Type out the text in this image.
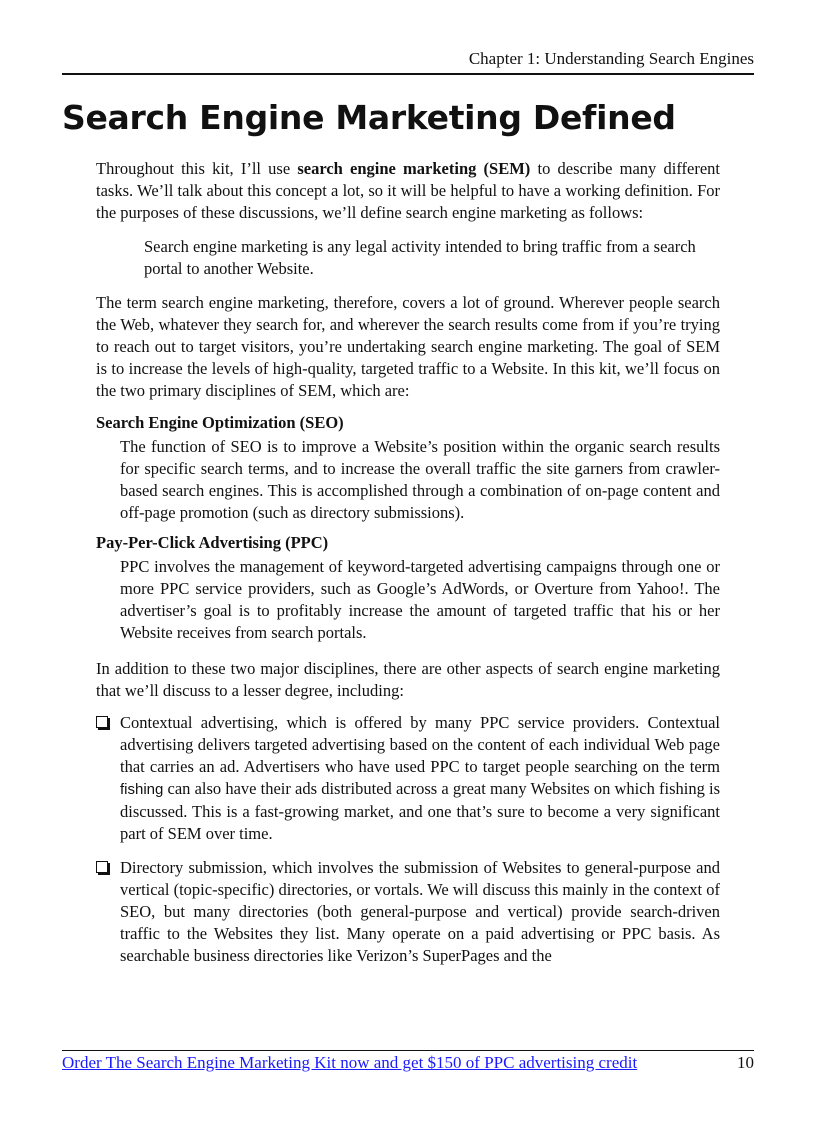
Chapter 1: Understanding Search Engines
Search Engine Marketing Defined

Throughout this kit, I’ll use search engine marketing (SEM) to describe many different tasks. We’ll talk about this concept a lot, so it will be helpful to have a working definition. For the purposes of these discussions, we’ll define search engine marketing as follows:

Search engine marketing is any legal activity intended to bring traffic from a search portal to another Website.

The term search engine marketing, therefore, covers a lot of ground. Wherever people search the Web, whatever they search for, and wherever the search results come from if you’re trying to reach out to target visitors, you’re undertaking search engine marketing. The goal of SEM is to increase the levels of high-quality, targeted traffic to a Website. In this kit, we’ll focus on the two primary disciplines of SEM, which are:

Search Engine Optimization (SEO)

The function of SEO is to improve a Website’s position within the organic search results for specific search terms, and to increase the overall traffic the site garners from crawler-based search engines. This is accomplished through a combination of on-page content and off-page promotion (such as directory submissions).

Pay-Per-Click Advertising (PPC)

PPC involves the management of keyword-targeted advertising campaigns through one or more PPC service providers, such as Google’s AdWords, or Overture from Yahoo!. The advertiser’s goal is to profitably increase the amount of targeted traffic that his or her Website receives from search portals.

In addition to these two major disciplines, there are other aspects of search engine marketing that we’ll discuss to a lesser degree, including:

Contextual advertising, which is offered by many PPC service providers. Contextual advertising delivers targeted advertising based on the content of each individual Web page that carries an ad. Advertisers who have used PPC to target people searching on the term fishing can also have their ads distributed across a great many Websites on which fishing is discussed. This is a fast-growing market, and one that’s sure to become a very significant part of SEM over time.
Directory submission, which involves the submission of Websites to general-purpose and vertical (topic-specific) directories, or vortals. We will discuss this mainly in the context of SEO, but many directories (both general-purpose and vertical) provide search-driven traffic to the Websites they list. Many operate on a paid advertising or PPC basis. As searchable business directories like Verizon’s SuperPages and the
Order The Search Engine Marketing Kit now and get $150 of PPC advertising credit	10
